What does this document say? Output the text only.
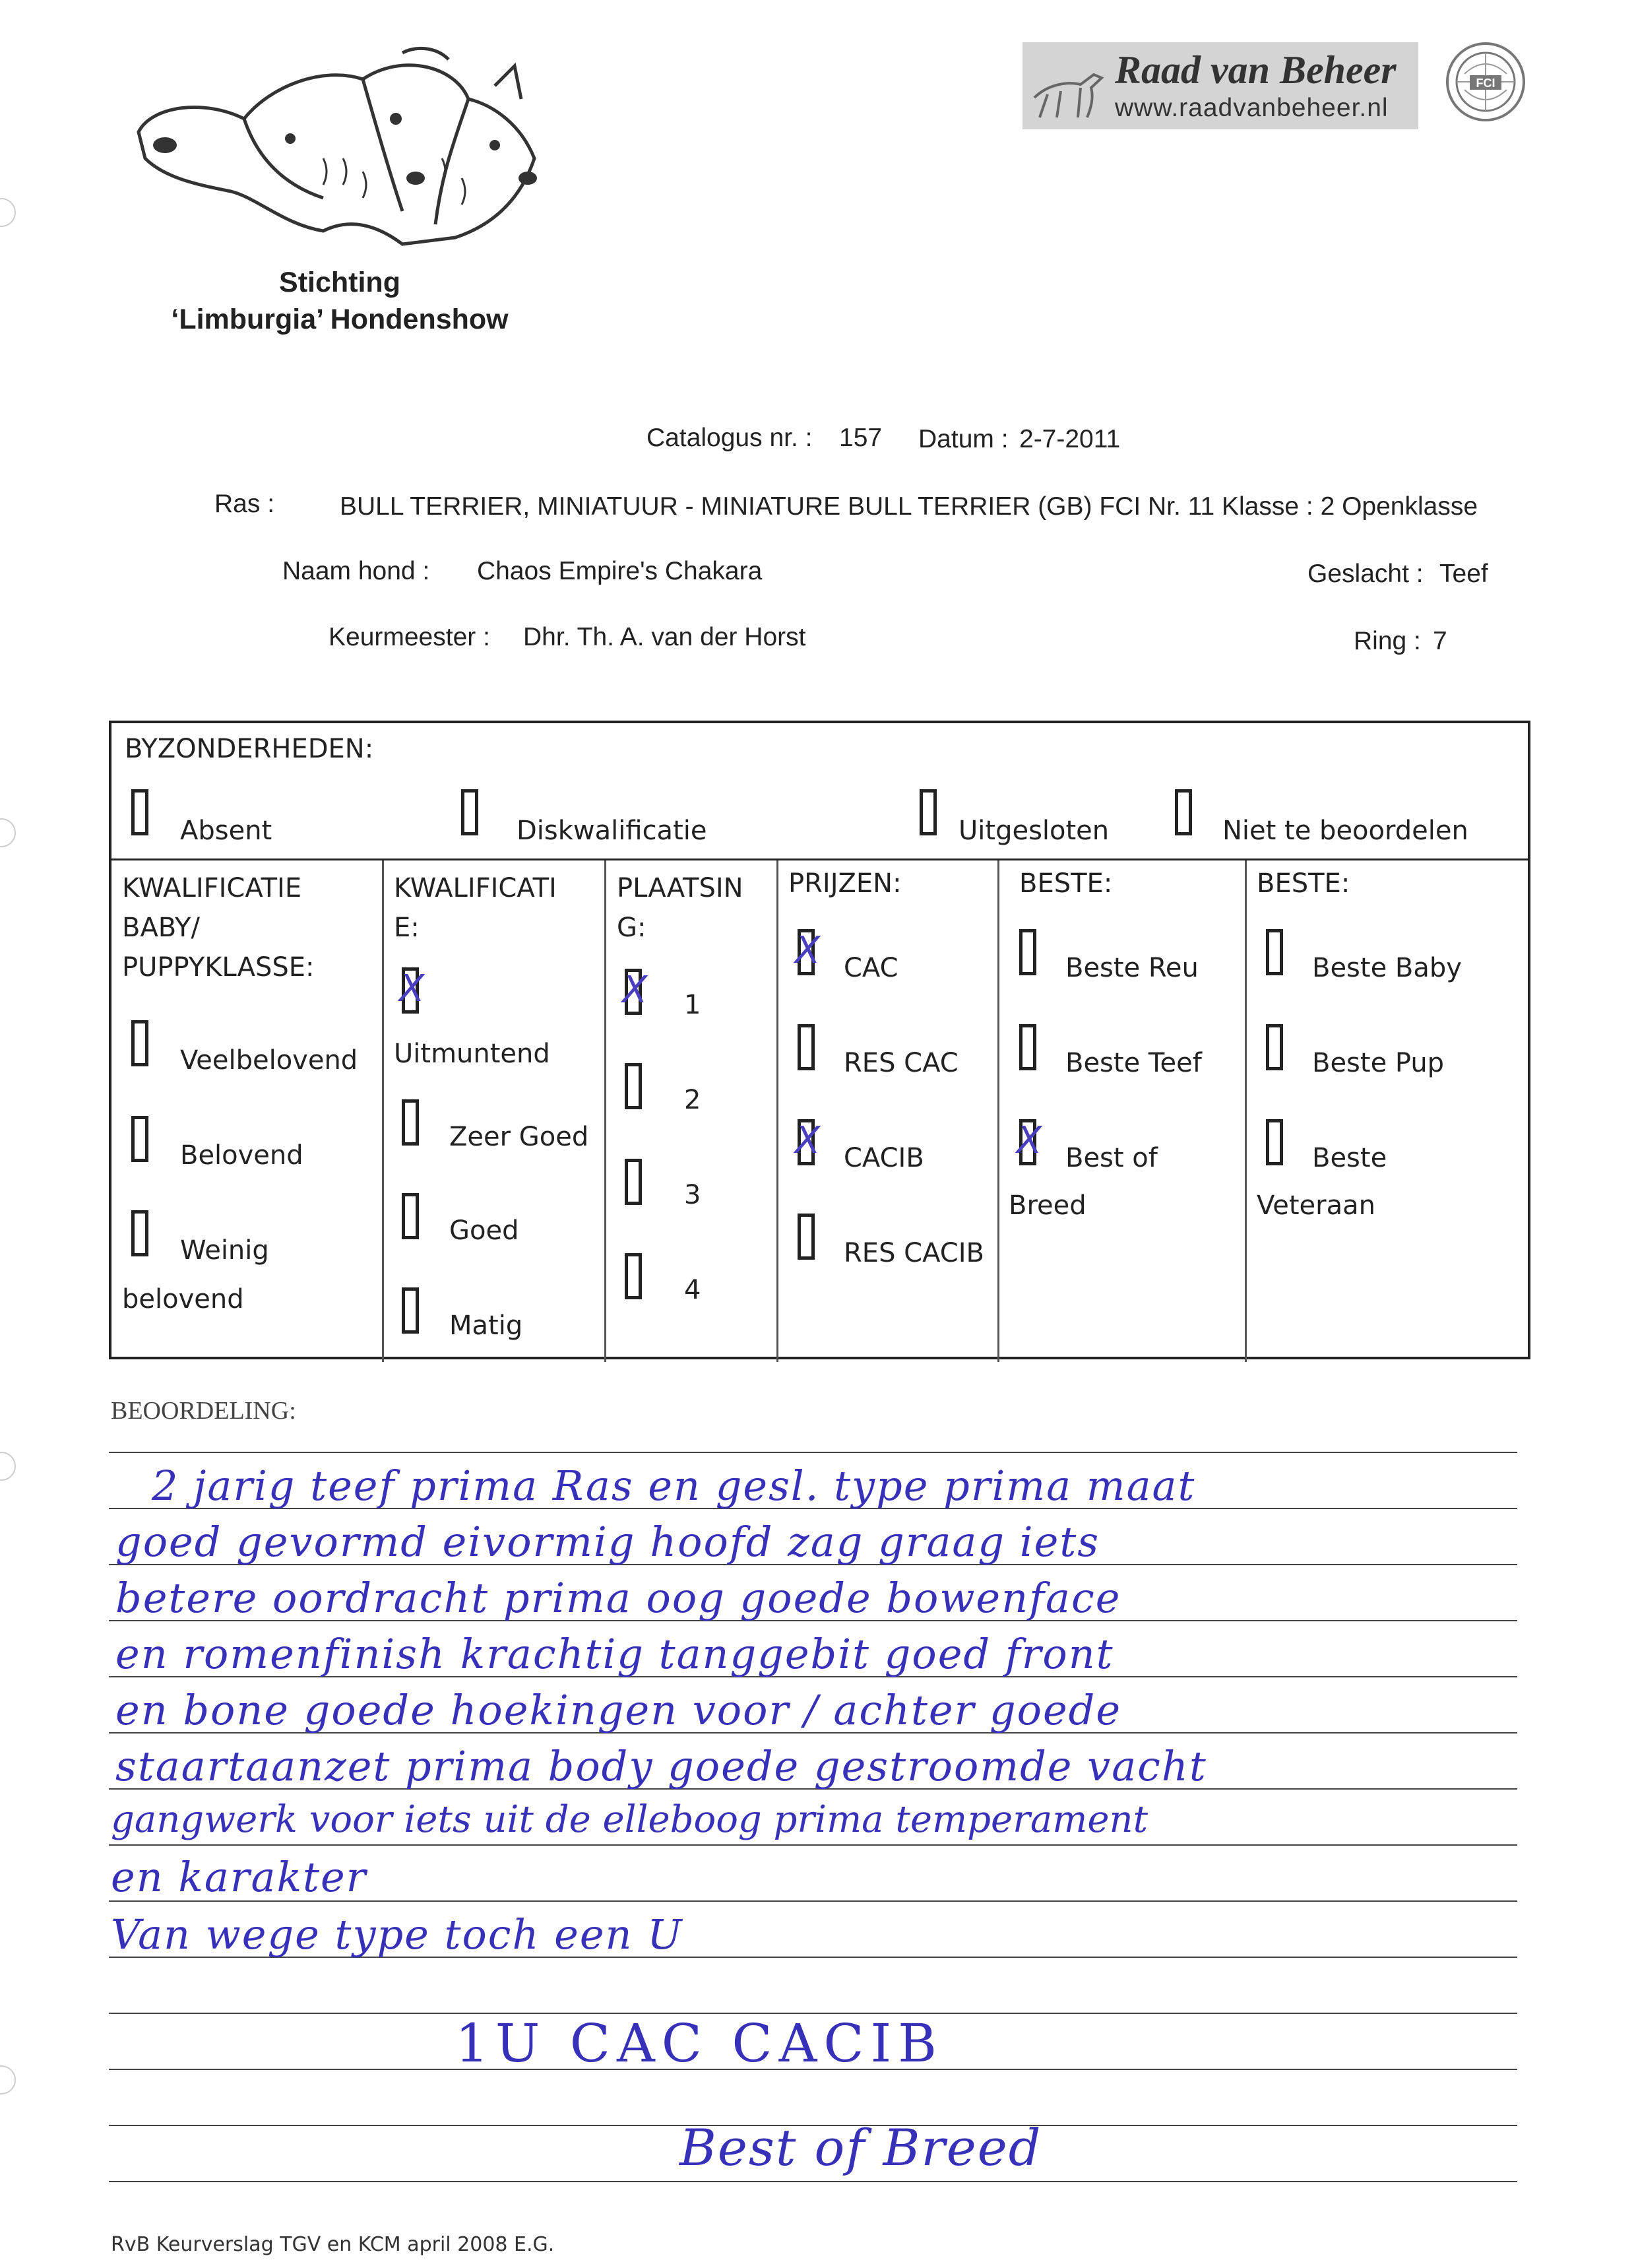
Stichting
‘Limburgia’ Hondenshow
Raad van Beheer
www.raadvanbeheer.nl
FCI
Catalogus nr. : 157 Datum : 2-7-2011
Ras :	BULL TERRIER, MINIATUUR - MINIATURE BULL TERRIER (GB) FCI Nr. 11 Klasse : 2 Openklasse
Naam hond : Chaos Empire's Chakara	Geslacht : Teef
Keurmeester : Dhr. Th. A. van der Horst	Ring : 7
BYZONDERHEDEN:
Absent	Diskwalificatie	Uitgesloten	Niet te beoordelen
KWALIFICATIE
BABY/
PUPPYKLASSE:
Veelbelovend
Belovend
Weinig
belovend
KWALIFICATI
E:
X
Uitmuntend
Zeer Goed
Goed
Matig
PLAATSIN
G:
X 1
2
3
4
PRIJZEN:
X CAC
RES CAC
X CACIB
RES CACIB
BESTE:
Beste Reu
Beste Teef
X Best of
Breed
BESTE:
Beste Baby
Beste Pup
Beste
Veteraan
BEOORDELING:
2 jarig teef prima Ras en gesl. type prima maat
goed gevormd eivormig hoofd zag graag iets
betere oordracht prima oog goede bowenface
en romenfinish krachtig tanggebit goed front
en bone goede hoekingen voor / achter goede
staartaanzet prima body goede gestroomde vacht
gangwerk voor iets uit de elleboog prima temperament
en karakter
Van wege type toch een U
1U CAC CACIB
Best of Breed
RvB Keurverslag TGV en KCM april 2008 E.G.
